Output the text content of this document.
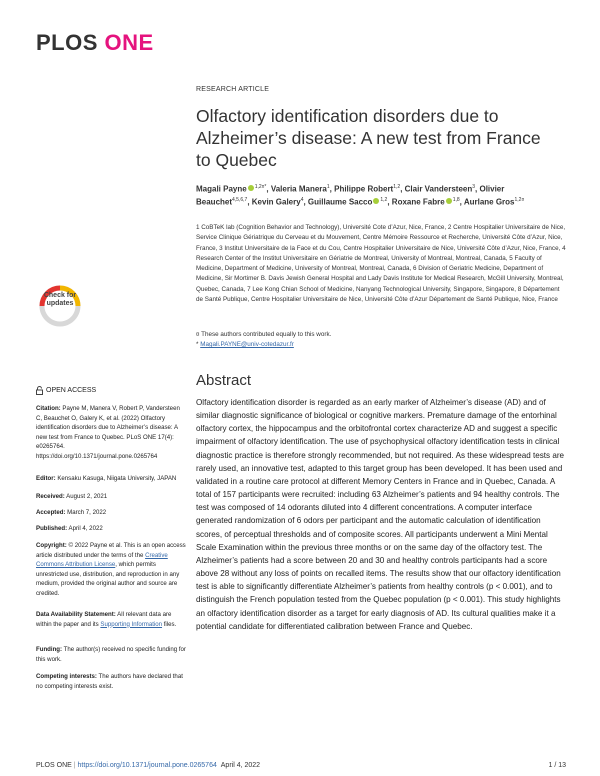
PLOS ONE
RESEARCH ARTICLE
Olfactory identification disorders due to Alzheimer’s disease: A new test from France to Quebec
Magali Payne $^{1,2¤*}$, Valeria Manera$^1$, Philippe Robert$^{1,2}$, Clair Vandersteen$^3$, Olivier Beauchet$^{4,5,6,7}$, Kevin Galery$^4$, Guillaume Sacco $^{1,2}$, Roxane Fabre $^{1,8}$, Aurlane Gros$^{1,2¤}$
1 CoBTeK lab (Cognition Behavior and Technology), Université Cote d’Azur, Nice, France, 2 Centre Hospitalier Universitaire de Nice, Service Clinique Gériatrique du Cerveau et du Mouvement, Centre Mémoire Ressource et Recherche, Université Côte d’Azur, Nice, France, 3 Institut Universitaire de la Face et du Cou, Centre Hospitalier Universitaire de Nice, Université Côte d’Azur, Nice, France, 4 Research Center of the Institut Universitaire en Gériatrie de Montreal, University of Montreal, Montreal, Canada, 5 Faculty of Medicine, Department of Medicine, University of Montreal, Montreal, Canada, 6 Division of Geriatric Medicine, Department of Medicine, Sir Mortimer B. Davis Jewish General Hospital and Lady Davis Institute for Medical Research, McGill University, Montreal, Quebec, Canada, 7 Lee Kong Chian School of Medicine, Nanyang Technological University, Singapore, Singapore, 8 Département de Santé Publique, Centre Hospitalier Universitaire de Nice, Université Côte d’Azur Département de Santé Publique, Nice, France
¤ These authors contributed equally to this work.
* Magali.PAYNE@univ-cotedazur.fr
Abstract
Olfactory identification disorder is regarded as an early marker of Alzheimer’s disease (AD) and of similar diagnostic significance of biological or cognitive markers. Premature damage of the entorhinal olfactory cortex, the hippocampus and the orbitofrontal cortex characterize AD and suggest a specific impairment of olfactory identification. The use of psychophysical olfactory identification tests in clinical diagnostic practice is therefore strongly recommended, but not required. As these widespread tests are rarely used, an innovative test, adapted to this target group has been developed. It has been used and validated in a routine care protocol at different Memory Centers in France and in Quebec, Canada. A total of 157 participants were recruited: including 63 Alzheimer’s patients and 94 healthy controls. The test was composed of 14 odorants diluted into 4 different concentrations. A computer interface generated randomization of 6 odors per participant and the automatic calculation of identification scores, of perceptual thresholds and of composite scores. All participants underwent a Mini Mental Scale Examination within the previous three months or on the same day of the olfactory test. The Alzheimer’s patients had a score between 20 and 30 and healthy controls participants had a score above 28 without any loss of points on recalled items. The results show that our olfactory identification test is able to significantly differentiate Alzheimer’s patients from healthy controls (p < 0.001), and to distinguish the French population tested from the Quebec population (p < 0.001). This study highlights an olfactory identification disorder as a target for early diagnosis of AD. Its cultural qualities make it a potential candidate for differentiated calibration between France and Quebec.
Check for
updates
OPEN ACCESS
Citation: Payne M, Manera V, Robert P, Vandersteen C, Beauchet O, Galery K, et al. (2022) Olfactory identification disorders due to Alzheimer’s disease: A new test from France to Quebec. PLoS ONE 17(4): e0265764. https://doi.org/10.1371/journal.pone.0265764
Editor: Kensaku Kasuga, Niigata University, JAPAN
Received: August 2, 2021
Accepted: March 7, 2022
Published: April 4, 2022
Copyright: © 2022 Payne et al. This is an open access article distributed under the terms of the Creative Commons Attribution License, which permits unrestricted use, distribution, and reproduction in any medium, provided the original author and source are credited.
Data Availability Statement: All relevant data are within the paper and its Supporting Information files.
Funding: The author(s) received no specific funding for this work.
Competing interests: The authors have declared that no competing interests exist.
PLOS ONE
|
https://doi.org/10.1371/journal.pone.0265764
April 4, 2022	1 / 13
